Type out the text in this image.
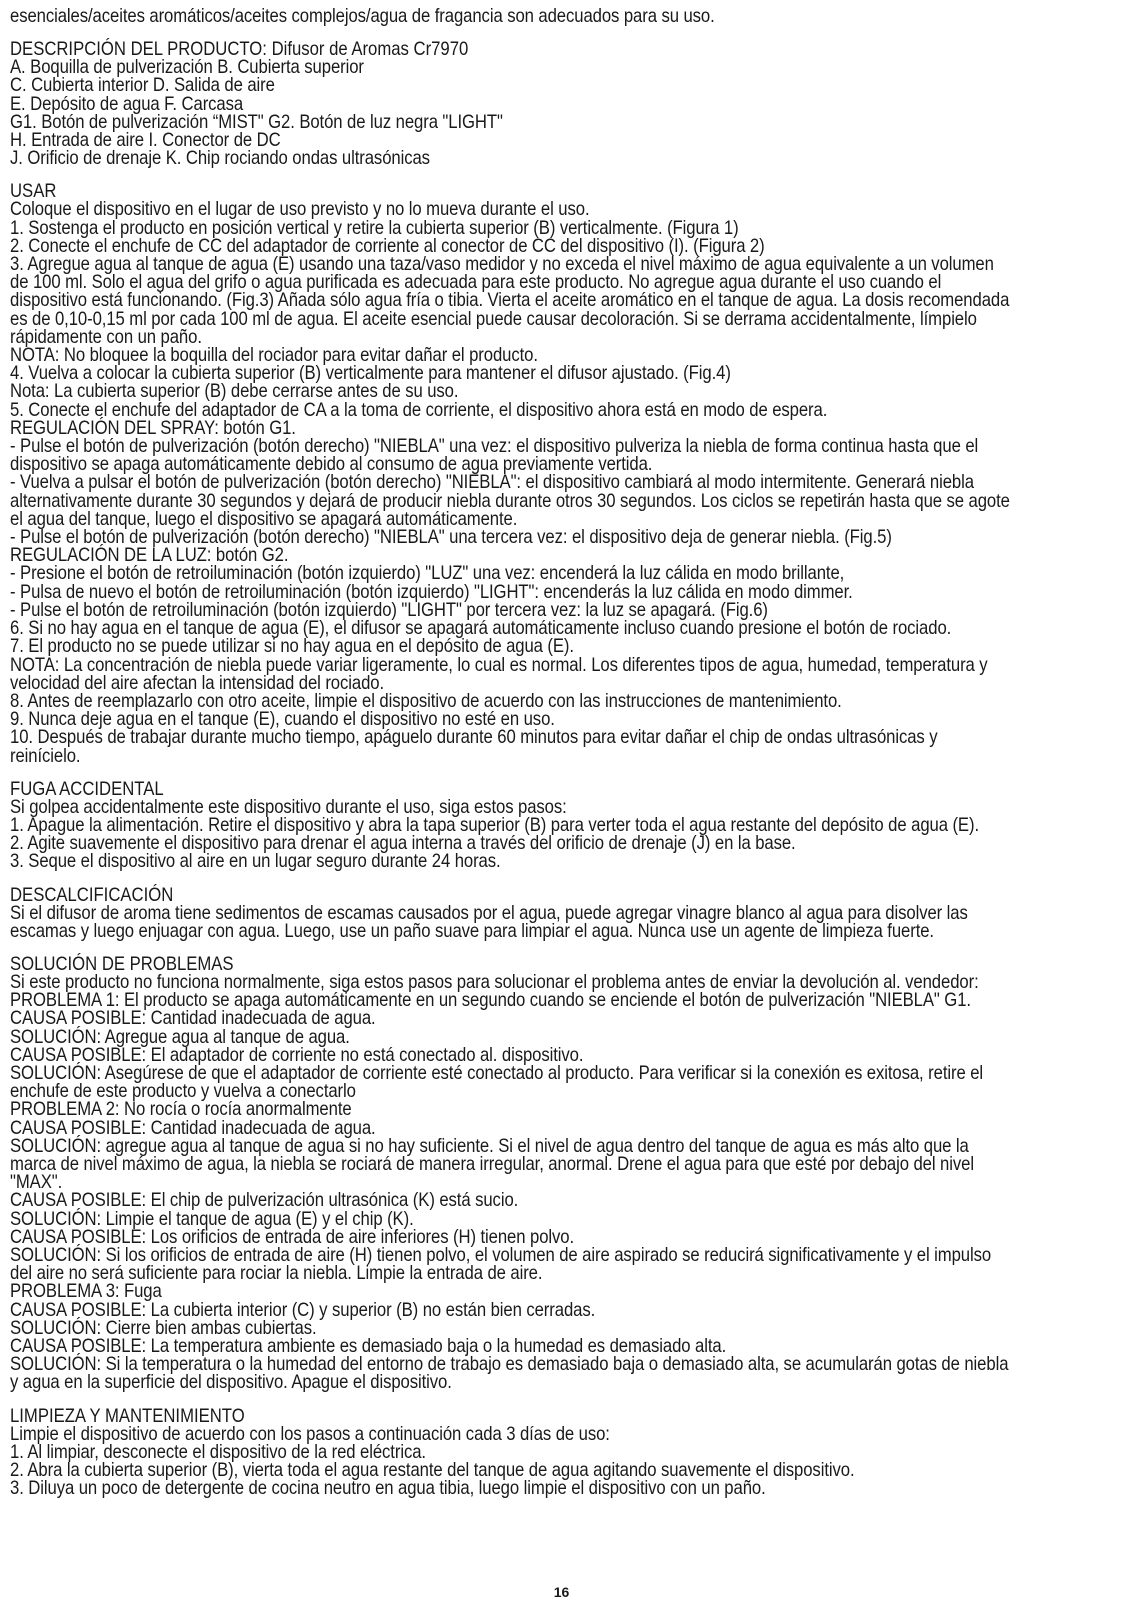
esenciales/aceites aromáticos/aceites complejos/agua de fragancia son adecuados para su uso.
DESCRIPCIÓN DEL PRODUCTO: Difusor de Aromas Cr7970
A. Boquilla de pulverización B. Cubierta superior
C. Cubierta interior D. Salida de aire
E. Depósito de agua F. Carcasa
G1. Botón de pulverización “MIST" G2. Botón de luz negra "LIGHT"
H. Entrada de aire I. Conector de DC
J. Orificio de drenaje K. Chip rociando ondas ultrasónicas
USAR
Coloque el dispositivo en el lugar de uso previsto y no lo mueva durante el uso.
1. Sostenga el producto en posición vertical y retire la cubierta superior (B) verticalmente. (Figura 1)
2. Conecte el enchufe de CC del adaptador de corriente al conector de CC del dispositivo (I). (Figura 2)
3. Agregue agua al tanque de agua (E) usando una taza/vaso medidor y no exceda el nivel máximo de agua equivalente a un volumen
de 100 ml. Solo el agua del grifo o agua purificada es adecuada para este producto. No agregue agua durante el uso cuando el
dispositivo está funcionando. (Fig.3) Añada sólo agua fría o tibia. Vierta el aceite aromático en el tanque de agua. La dosis recomendada
es de 0,10-0,15 ml por cada 100 ml de agua. El aceite esencial puede causar decoloración. Si se derrama accidentalmente, límpielo
rápidamente con un paño.
NOTA: No bloquee la boquilla del rociador para evitar dañar el producto.
4. Vuelva a colocar la cubierta superior (B) verticalmente para mantener el difusor ajustado. (Fig.4)
Nota: La cubierta superior (B) debe cerrarse antes de su uso.
5. Conecte el enchufe del adaptador de CA a la toma de corriente, el dispositivo ahora está en modo de espera.
REGULACIÓN DEL SPRAY: botón G1.
- Pulse el botón de pulverización (botón derecho) "NIEBLA" una vez: el dispositivo pulveriza la niebla de forma continua hasta que el
dispositivo se apaga automáticamente debido al consumo de agua previamente vertida.
- Vuelva a pulsar el botón de pulverización (botón derecho) "NIEBLA": el dispositivo cambiará al modo intermitente. Generará niebla
alternativamente durante 30 segundos y dejará de producir niebla durante otros 30 segundos. Los ciclos se repetirán hasta que se agote
el agua del tanque, luego el dispositivo se apagará automáticamente.
- Pulse el botón de pulverización (botón derecho) "NIEBLA" una tercera vez: el dispositivo deja de generar niebla. (Fig.5)
REGULACIÓN DE LA LUZ: botón G2.
- Presione el botón de retroiluminación (botón izquierdo) "LUZ" una vez: encenderá la luz cálida en modo brillante,
- Pulsa de nuevo el botón de retroiluminación (botón izquierdo) "LIGHT": encenderás la luz cálida en modo dimmer.
- Pulse el botón de retroiluminación (botón izquierdo) "LIGHT" por tercera vez: la luz se apagará. (Fig.6)
6. Si no hay agua en el tanque de agua (E), el difusor se apagará automáticamente incluso cuando presione el botón de rociado.
7. El producto no se puede utilizar si no hay agua en el depósito de agua (E).
NOTA: La concentración de niebla puede variar ligeramente, lo cual es normal. Los diferentes tipos de agua, humedad, temperatura y
velocidad del aire afectan la intensidad del rociado.
8. Antes de reemplazarlo con otro aceite, limpie el dispositivo de acuerdo con las instrucciones de mantenimiento.
9. Nunca deje agua en el tanque (E), cuando el dispositivo no esté en uso.
10. Después de trabajar durante mucho tiempo, apáguelo durante 60 minutos para evitar dañar el chip de ondas ultrasónicas y
reinícielo.
FUGA ACCIDENTAL
Si golpea accidentalmente este dispositivo durante el uso, siga estos pasos:
1. Apague la alimentación. Retire el dispositivo y abra la tapa superior (B) para verter toda el agua restante del depósito de agua (E).
2. Agite suavemente el dispositivo para drenar el agua interna a través del orificio de drenaje (J) en la base.
3. Seque el dispositivo al aire en un lugar seguro durante 24 horas.
DESCALCIFICACIÓN
Si el difusor de aroma tiene sedimentos de escamas causados por el agua, puede agregar vinagre blanco al agua para disolver las
escamas y luego enjuagar con agua. Luego, use un paño suave para limpiar el agua. Nunca use un agente de limpieza fuerte.
SOLUCIÓN DE PROBLEMAS
Si este producto no funciona normalmente, siga estos pasos para solucionar el problema antes de enviar la devolución al. vendedor:
PROBLEMA 1: El producto se apaga automáticamente en un segundo cuando se enciende el botón de pulverización "NIEBLA" G1.
CAUSA POSIBLE: Cantidad inadecuada de agua.
SOLUCIÓN: Agregue agua al tanque de agua.
CAUSA POSIBLE: El adaptador de corriente no está conectado al. dispositivo.
SOLUCIÓN: Asegúrese de que el adaptador de corriente esté conectado al producto. Para verificar si la conexión es exitosa, retire el
enchufe de este producto y vuelva a conectarlo
PROBLEMA 2: No rocía o rocía anormalmente
CAUSA POSIBLE: Cantidad inadecuada de agua.
SOLUCIÓN: agregue agua al tanque de agua si no hay suficiente. Si el nivel de agua dentro del tanque de agua es más alto que la
marca de nivel máximo de agua, la niebla se rociará de manera irregular, anormal. Drene el agua para que esté por debajo del nivel
"MAX".
CAUSA POSIBLE: El chip de pulverización ultrasónica (K) está sucio.
SOLUCIÓN: Limpie el tanque de agua (E) y el chip (K).
CAUSA POSIBLE: Los orificios de entrada de aire inferiores (H) tienen polvo.
SOLUCIÓN: Si los orificios de entrada de aire (H) tienen polvo, el volumen de aire aspirado se reducirá significativamente y el impulso
del aire no será suficiente para rociar la niebla. Limpie la entrada de aire.
PROBLEMA 3: Fuga
CAUSA POSIBLE: La cubierta interior (C) y superior (B) no están bien cerradas.
SOLUCIÓN: Cierre bien ambas cubiertas.
CAUSA POSIBLE: La temperatura ambiente es demasiado baja o la humedad es demasiado alta.
SOLUCIÓN: Si la temperatura o la humedad del entorno de trabajo es demasiado baja o demasiado alta, se acumularán gotas de niebla
y agua en la superficie del dispositivo. Apague el dispositivo.
LIMPIEZA Y MANTENIMIENTO
Limpie el dispositivo de acuerdo con los pasos a continuación cada 3 días de uso:
1. Al limpiar, desconecte el dispositivo de la red eléctrica.
2. Abra la cubierta superior (B), vierta toda el agua restante del tanque de agua agitando suavemente el dispositivo.
3. Diluya un poco de detergente de cocina neutro en agua tibia, luego limpie el dispositivo con un paño.
16
